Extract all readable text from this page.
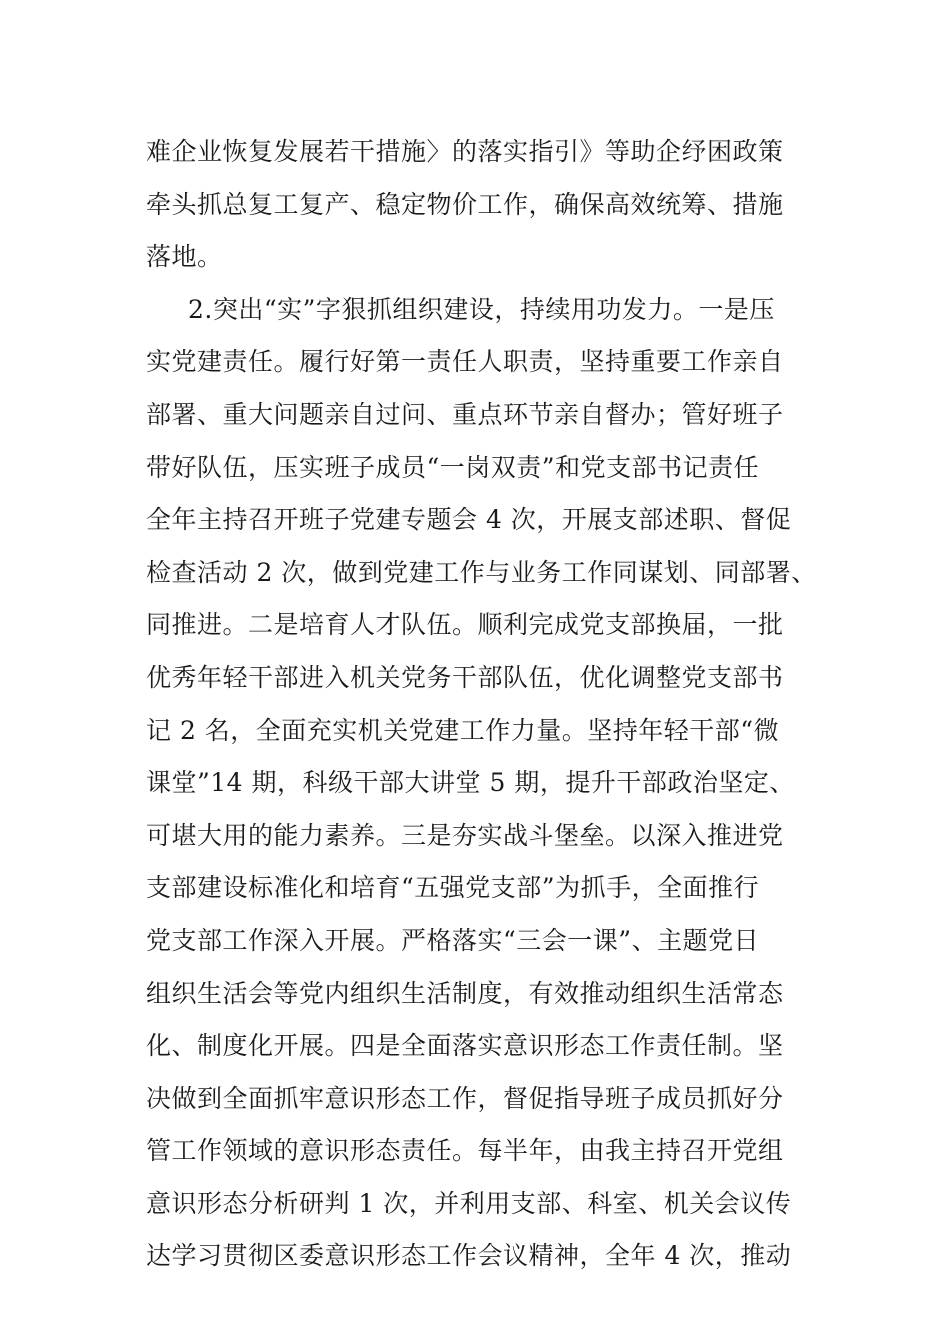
难企业恢复发展若干措施〉的落实指引》等助企纾困政策
牵头抓总复工复产、稳定物价工作，确保高效统筹、措施
落地。
2.突出“实”字狠抓组织建设，持续用功发力。一是压
实党建责任。履行好第一责任人职责，坚持重要工作亲自
部署、重大问题亲自过问、重点环节亲自督办；管好班子
带好队伍，压实班子成员“一岗双责”和党支部书记责任
全年主持召开班子党建专题会 4 次，开展支部述职、督促
检查活动 2 次，做到党建工作与业务工作同谋划、同部署、
同推进。二是培育人才队伍。顺利完成党支部换届，一批
优秀年轻干部进入机关党务干部队伍，优化调整党支部书
记 2 名，全面充实机关党建工作力量。坚持年轻干部“微
课堂”14 期，科级干部大讲堂 5 期，提升干部政治坚定、
可堪大用的能力素养。三是夯实战斗堡垒。以深入推进党
支部建设标准化和培育“五强党支部”为抓手，全面推行
党支部工作深入开展。严格落实“三会一课”、主题党日
组织生活会等党内组织生活制度，有效推动组织生活常态
化、制度化开展。四是全面落实意识形态工作责任制。坚
决做到全面抓牢意识形态工作，督促指导班子成员抓好分
管工作领域的意识形态责任。每半年，由我主持召开党组
意识形态分析研判 1 次，并利用支部、科室、机关会议传
达学习贯彻区委意识形态工作会议精神，全年 4 次，推动
